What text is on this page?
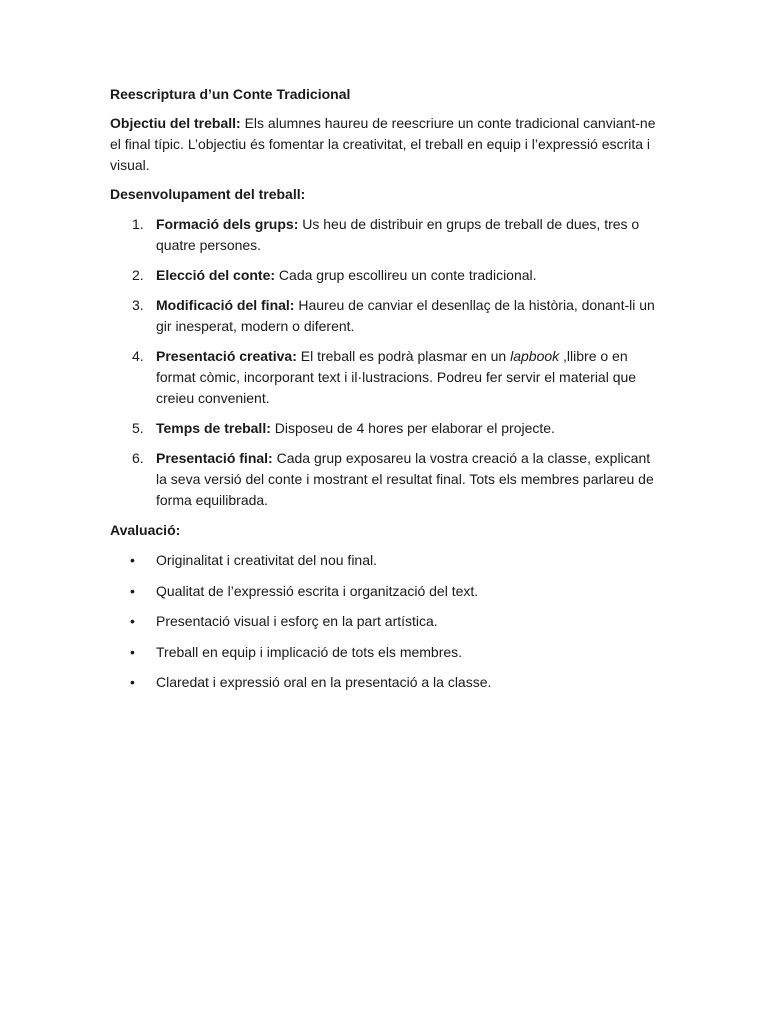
Reescriptura d’un Conte Tradicional

Objectiu del treball: Els alumnes haureu de reescriure un conte tradicional canviant-ne el final típic. L’objectiu és fomentar la creativitat, el treball en equip i l’expressió escrita i visual.

Desenvolupament del treball:

1. Formació dels grups: Us heu de distribuir en grups de treball de dues, tres o quatre persones.
2. Elecció del conte: Cada grup escollireu un conte tradicional.
3. Modificació del final: Haureu de canviar el desenllaç de la història, donant-li un gir inesperat, modern o diferent.
4. Presentació creativa: El treball es podrà plasmar en un lapbook ,llibre o en format còmic, incorporant text i il·lustracions. Podreu fer servir el material que creieu convenient.
5. Temps de treball: Disposeu de 4 hores per elaborar el projecte.
6. Presentació final: Cada grup exposareu la vostra creació a la classe, explicant la seva versió del conte i mostrant el resultat final. Tots els membres parlareu de forma equilibrada.

Avaluació:

• Originalitat i creativitat del nou final.
• Qualitat de l’expressió escrita i organització del text.
• Presentació visual i esforç en la part artística.
• Treball en equip i implicació de tots els membres.
• Claredat i expressió oral en la presentació a la classe.
